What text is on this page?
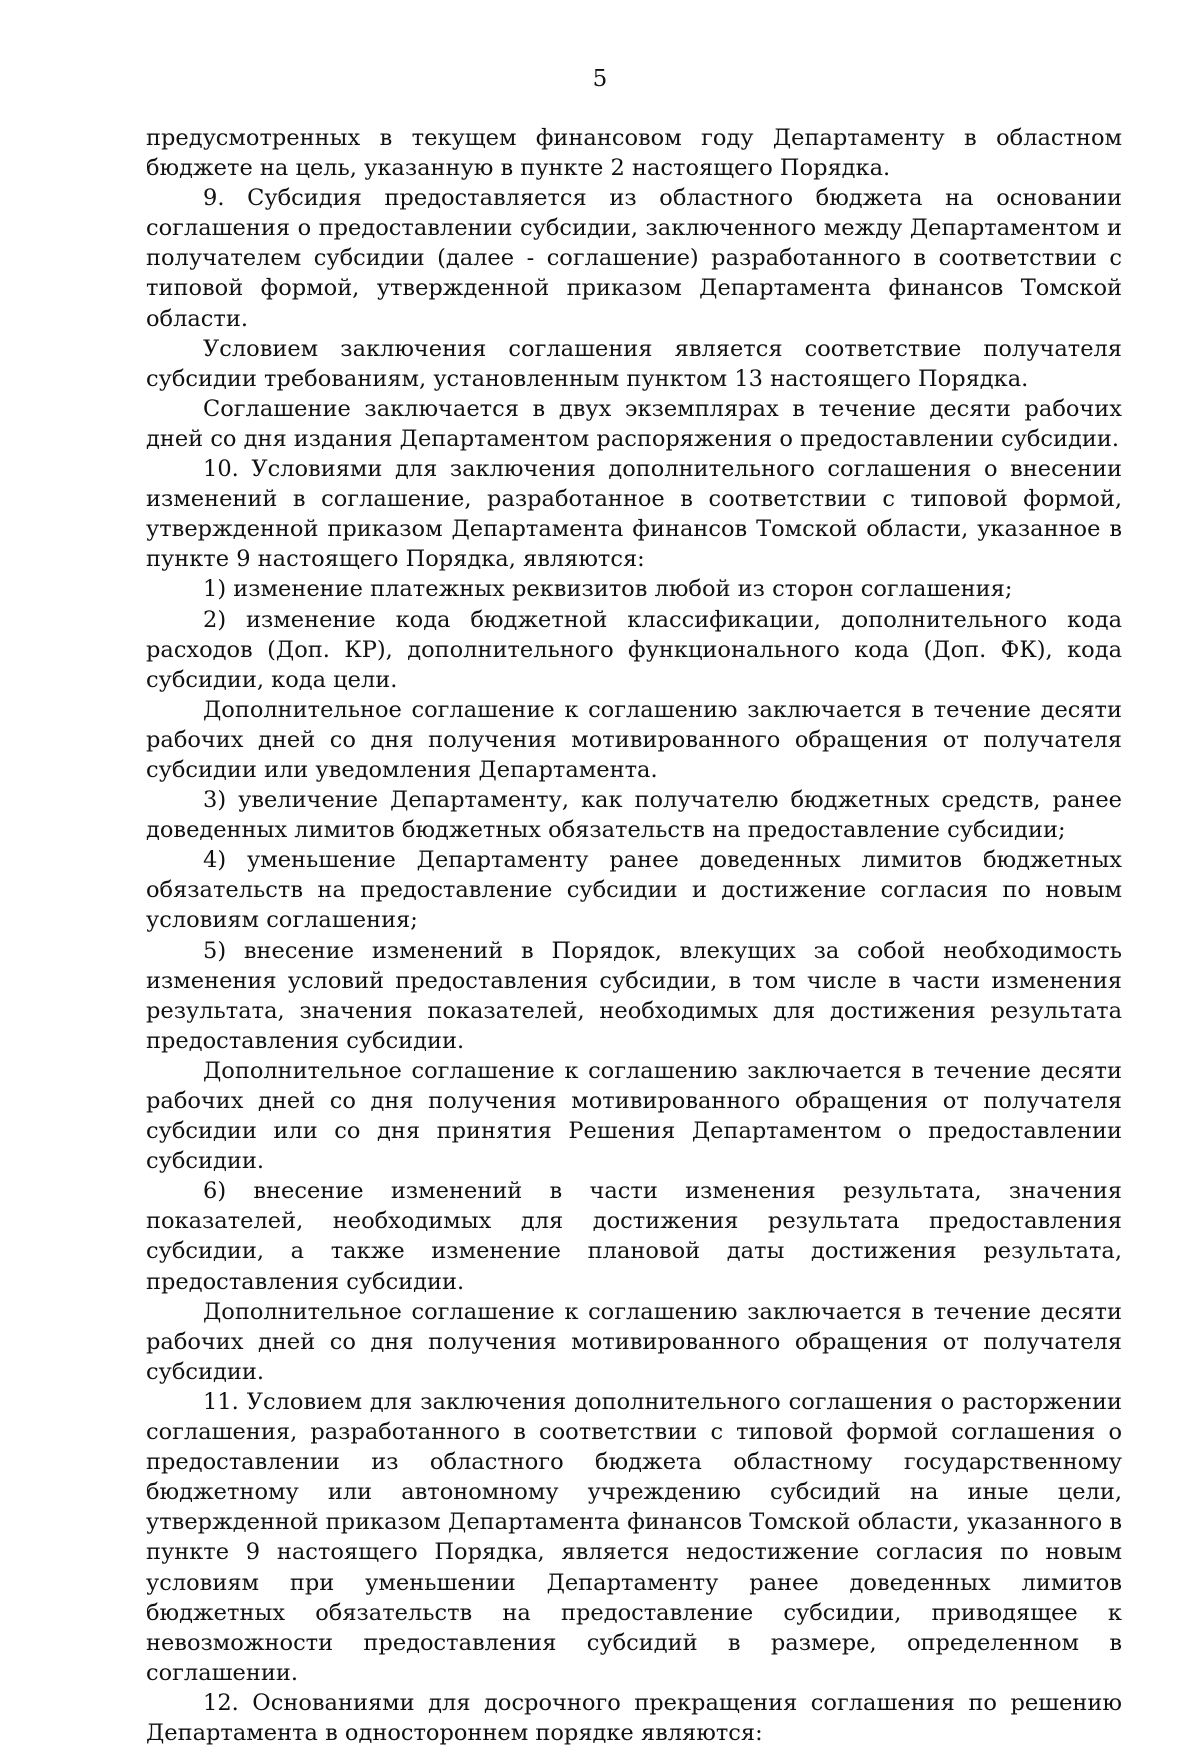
5

предусмотренных в текущем финансовом году Департаменту в областном бюджете на цель, указанную в пункте 2 настоящего Порядка.

9. Субсидия предоставляется из областного бюджета на основании соглашения о предоставлении субсидии, заключенного между Департаментом и получателем субсидии (далее - соглашение) разработанного в соответствии с типовой формой, утвержденной приказом Департамента финансов Томской области.

Условием заключения соглашения является соответствие получателя субсидии требованиям, установленным пунктом 13 настоящего Порядка.

Соглашение заключается в двух экземплярах в течение десяти рабочих дней со дня издания Департаментом распоряжения о предоставлении субсидии.

10. Условиями для заключения дополнительного соглашения о внесении изменений в соглашение, разработанное в соответствии с типовой формой, утвержденной приказом Департамента финансов Томской области, указанное в пункте 9 настоящего Порядка, являются:

1) изменение платежных реквизитов любой из сторон соглашения;

2) изменение кода бюджетной классификации, дополнительного кода расходов (Доп. КР), дополнительного функционального кода (Доп. ФК), кода субсидии, кода цели.

Дополнительное соглашение к соглашению заключается в течение десяти рабочих дней со дня получения мотивированного обращения от получателя субсидии или уведомления Департамента.

3) увеличение Департаменту, как получателю бюджетных средств, ранее доведенных лимитов бюджетных обязательств на предоставление субсидии;

4) уменьшение Департаменту ранее доведенных лимитов бюджетных обязательств на предоставление субсидии и достижение согласия по новым условиям соглашения;

5) внесение изменений в Порядок, влекущих за собой необходимость изменения условий предоставления субсидии, в том числе в части изменения результата, значения показателей, необходимых для достижения результата предоставления субсидии.

Дополнительное соглашение к соглашению заключается в течение десяти рабочих дней со дня получения мотивированного обращения от получателя субсидии или со дня принятия Решения Департаментом о предоставлении субсидии.

6) внесение изменений в части изменения результата, значения показателей, необходимых для достижения результата предоставления субсидии, а также изменение плановой даты достижения результата, предоставления субсидии.

Дополнительное соглашение к соглашению заключается в течение десяти рабочих дней со дня получения мотивированного обращения от получателя субсидии.

11. Условием для заключения дополнительного соглашения о расторжении соглашения, разработанного в соответствии с типовой формой соглашения о предоставлении из областного бюджета областному государственному бюджетному или автономному учреждению субсидий на иные цели, утвержденной приказом Департамента финансов Томской области, указанного в пункте 9 настоящего Порядка, является недостижение согласия по новым условиям при уменьшении Департаменту ранее доведенных лимитов бюджетных обязательств на предоставление субсидии, приводящее к невозможности предоставления субсидий в размере, определенном в соглашении.

12. Основаниями для досрочного прекращения соглашения по решению Департамента в одностороннем порядке являются:
